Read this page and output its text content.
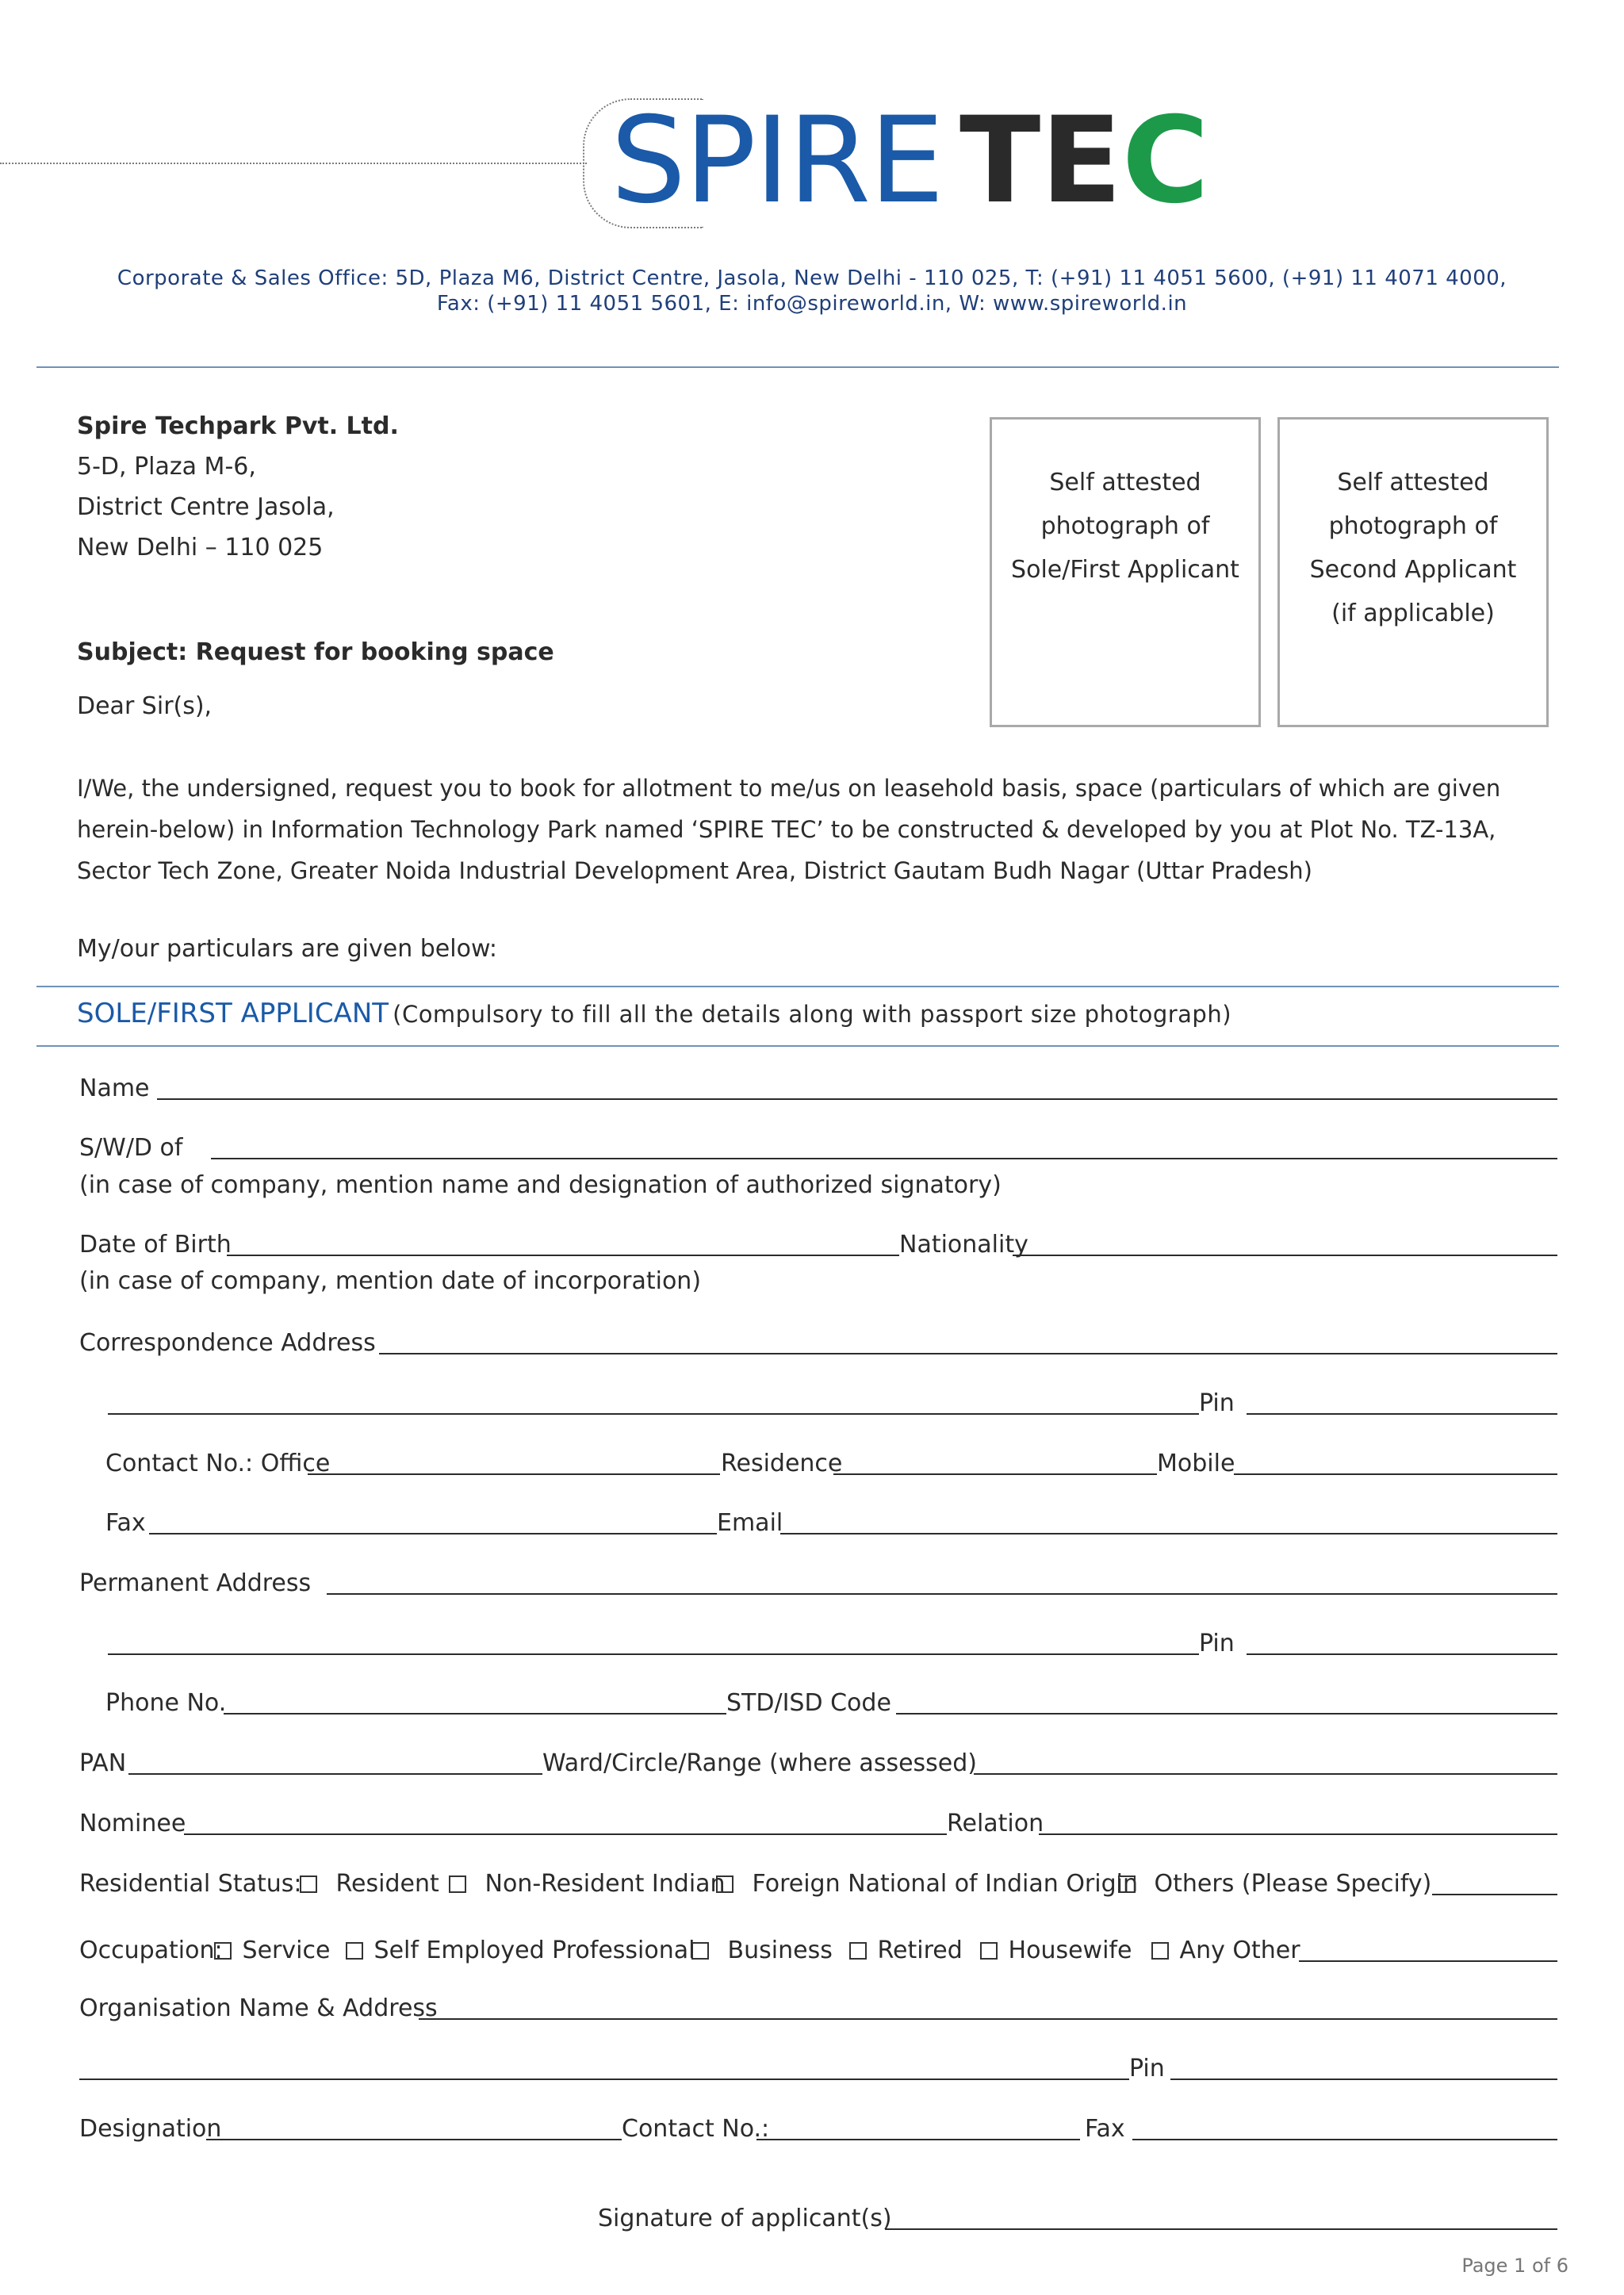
SPIRE TEC
Corporate & Sales Office: 5D, Plaza M6, District Centre, Jasola, New Delhi - 110 025, T: (+91) 11 4051 5600, (+91) 11 4071 4000,
Fax: (+91) 11 4051 5601, E: info@spireworld.in, W: www.spireworld.in
Spire Techpark Pvt. Ltd.
5-D, Plaza M-6,
District Centre Jasola,
New Delhi – 110 025
Self attested
photograph of
Sole/First Applicant
Self attested
photograph of
Second Applicant
(if applicable)
Subject: Request for booking space
Dear Sir(s),
I/We, the undersigned, request you to book for allotment to me/us on leasehold basis, space (particulars of which are given
herein-below) in Information Technology Park named ‘SPIRE TEC’ to be constructed & developed by you at Plot No. TZ-13A,
Sector Tech Zone, Greater Noida Industrial Development Area, District Gautam Budh Nagar (Uttar Pradesh)
My/our particulars are given below:
SOLE/FIRST APPLICANT (Compulsory to fill all the details along with passport size photograph)
Name
S/W/D of
(in case of company, mention name and designation of authorized signatory)
Date of Birth	Nationality
(in case of company, mention date of incorporation)
Correspondence Address
Pin
Contact No.: Office	Residence	Mobile
Fax	Email
Permanent Address
Pin
Phone No.	STD/ISD Code
PAN	Ward/Circle/Range (where assessed)
Nominee	Relation
Residential Status:	Resident	Non-Resident Indian	Foreign National of Indian Origin Others (Please Specify)
Occupation: Service	Self Employed Professional	Business	Retired	Housewife	Any Other
Organisation Name & Address
Pin
Designation	Contact No.:	Fax
Signature of applicant(s)
Page 1 of 6
